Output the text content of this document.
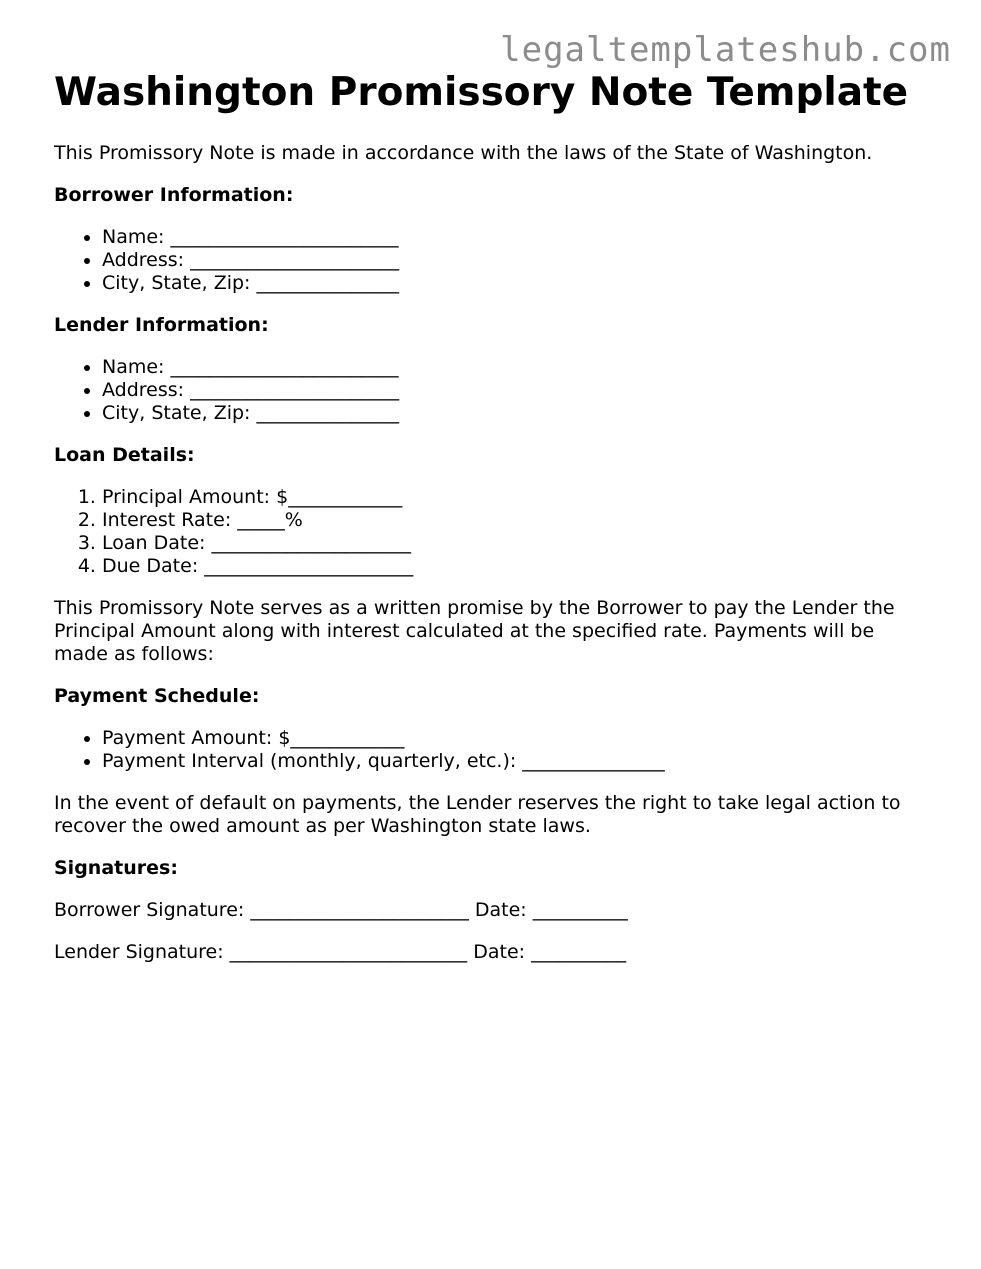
legaltemplateshub.com
Washington Promissory Note Template

This Promissory Note is made in accordance with the laws of the State of Washington.

Borrower Information:

• Name: ________________________
• Address: ______________________
• City, State, Zip: _______________

Lender Information:

• Name: ________________________
• Address: ______________________
• City, State, Zip: _______________

Loan Details:

1. Principal Amount: $____________
2. Interest Rate: _____%
3. Loan Date: _____________________
4. Due Date: ______________________

This Promissory Note serves as a written promise by the Borrower to pay the Lender the Principal Amount along with interest calculated at the specified rate. Payments will be made as follows:

Payment Schedule:

• Payment Amount: $____________
• Payment Interval (monthly, quarterly, etc.): _______________

In the event of default on payments, the Lender reserves the right to take legal action to recover the owed amount as per Washington state laws.

Signatures:

Borrower Signature: _______________________ Date: __________

Lender Signature: _________________________ Date: __________
